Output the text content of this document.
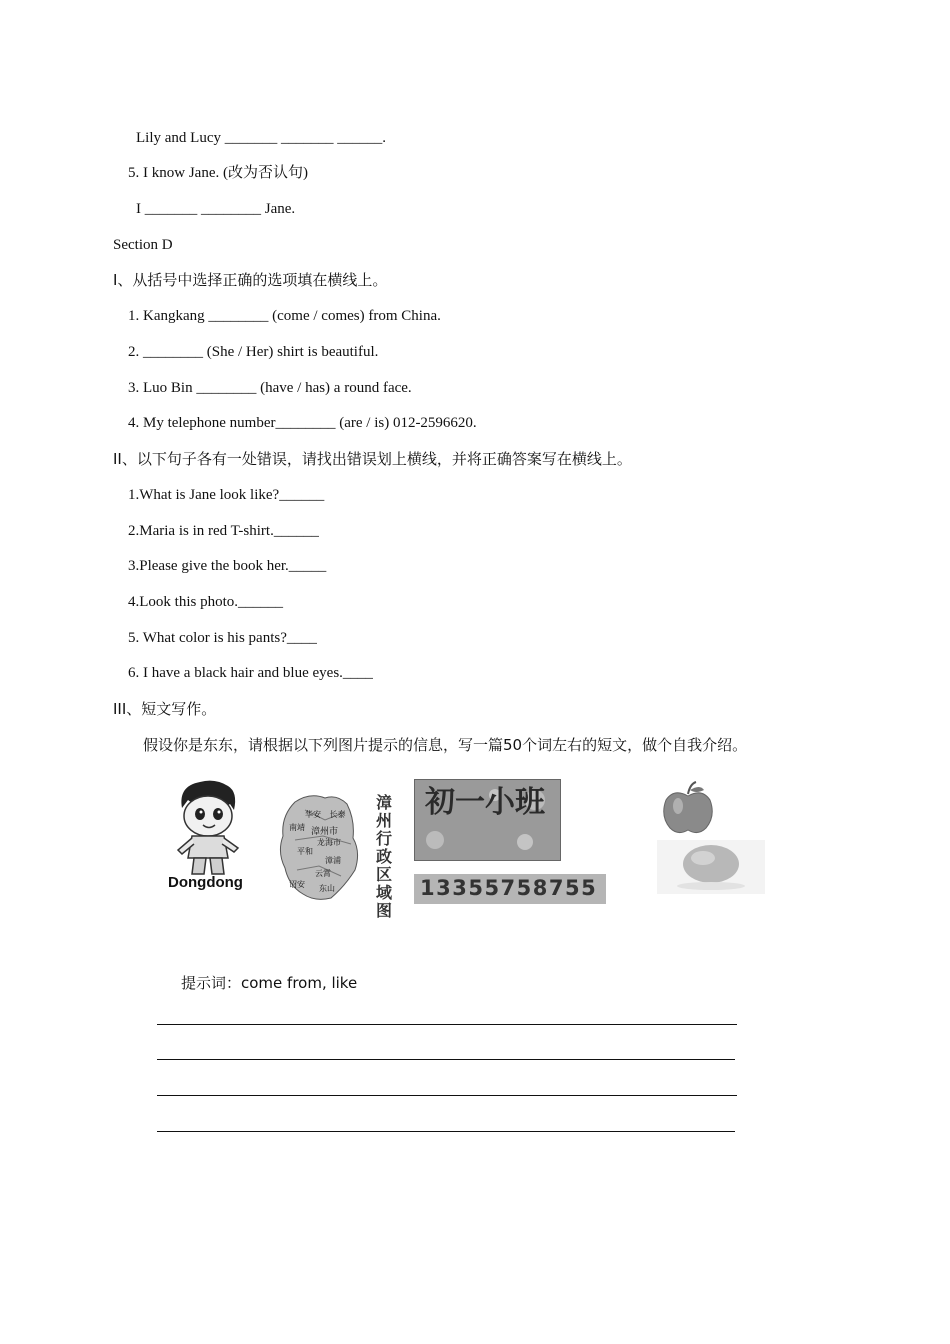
Lily and Lucy _______ _______ ______.
5. I know Jane. (改为否认句)
I _______ ________ Jane.
Section D
I、从括号中选择正确的选项填在横线上。
1. Kangkang ________ (come / comes) from China.
2. ________ (She / Her) shirt is beautiful.
3. Luo Bin ________ (have / has) a round face.
4. My telephone number________ (are / is) 012-2596620.
II、以下句子各有一处错误，请找出错误划上横线，并将正确答案写在横线上。
1.What is Jane look like?______
2.Maria is in red T-shirt.______
3.Please give the book her._____
4.Look this photo.______
5. What color is his pants?____
6. I have a black hair and blue eyes.____
III、短文写作。
假设你是东东，请根据以下列图片提示的信息，写一篇50个词左右的短文，做个自我介绍。
Dongdong
华安 长泰
南靖 漳州市
龙海市
平和
漳浦
云霄
诏安 东山
漳州行政区域图
初一小班
13355758755
提示词：come from, like
